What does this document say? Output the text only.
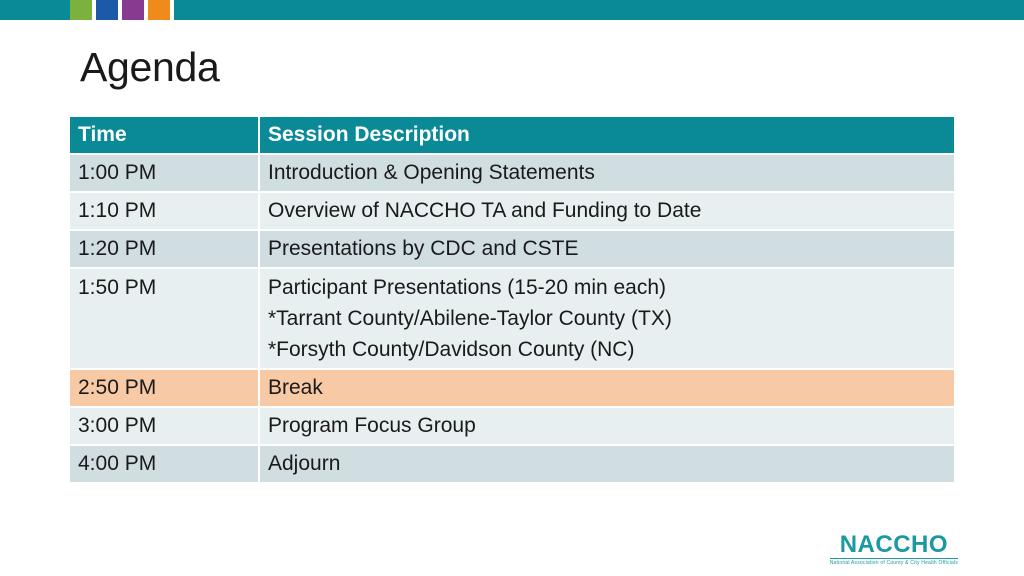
Agenda
Time	Session Description
1:00 PM	Introduction & Opening Statements

1:10 PM	Overview of NACCHO TA and Funding to Date

1:20 PM	Presentations by CDC and CSTE

1:50 PM	Participant Presentations (15-20 min each)
*Tarrant County/Abilene-Taylor County (TX)
*Forsyth County/Davidson County (NC)

2:50 PM	Break

3:00 PM	Program Focus Group

4:00 PM	Adjourn
NACCHO
National Association of County & City Health Officials
